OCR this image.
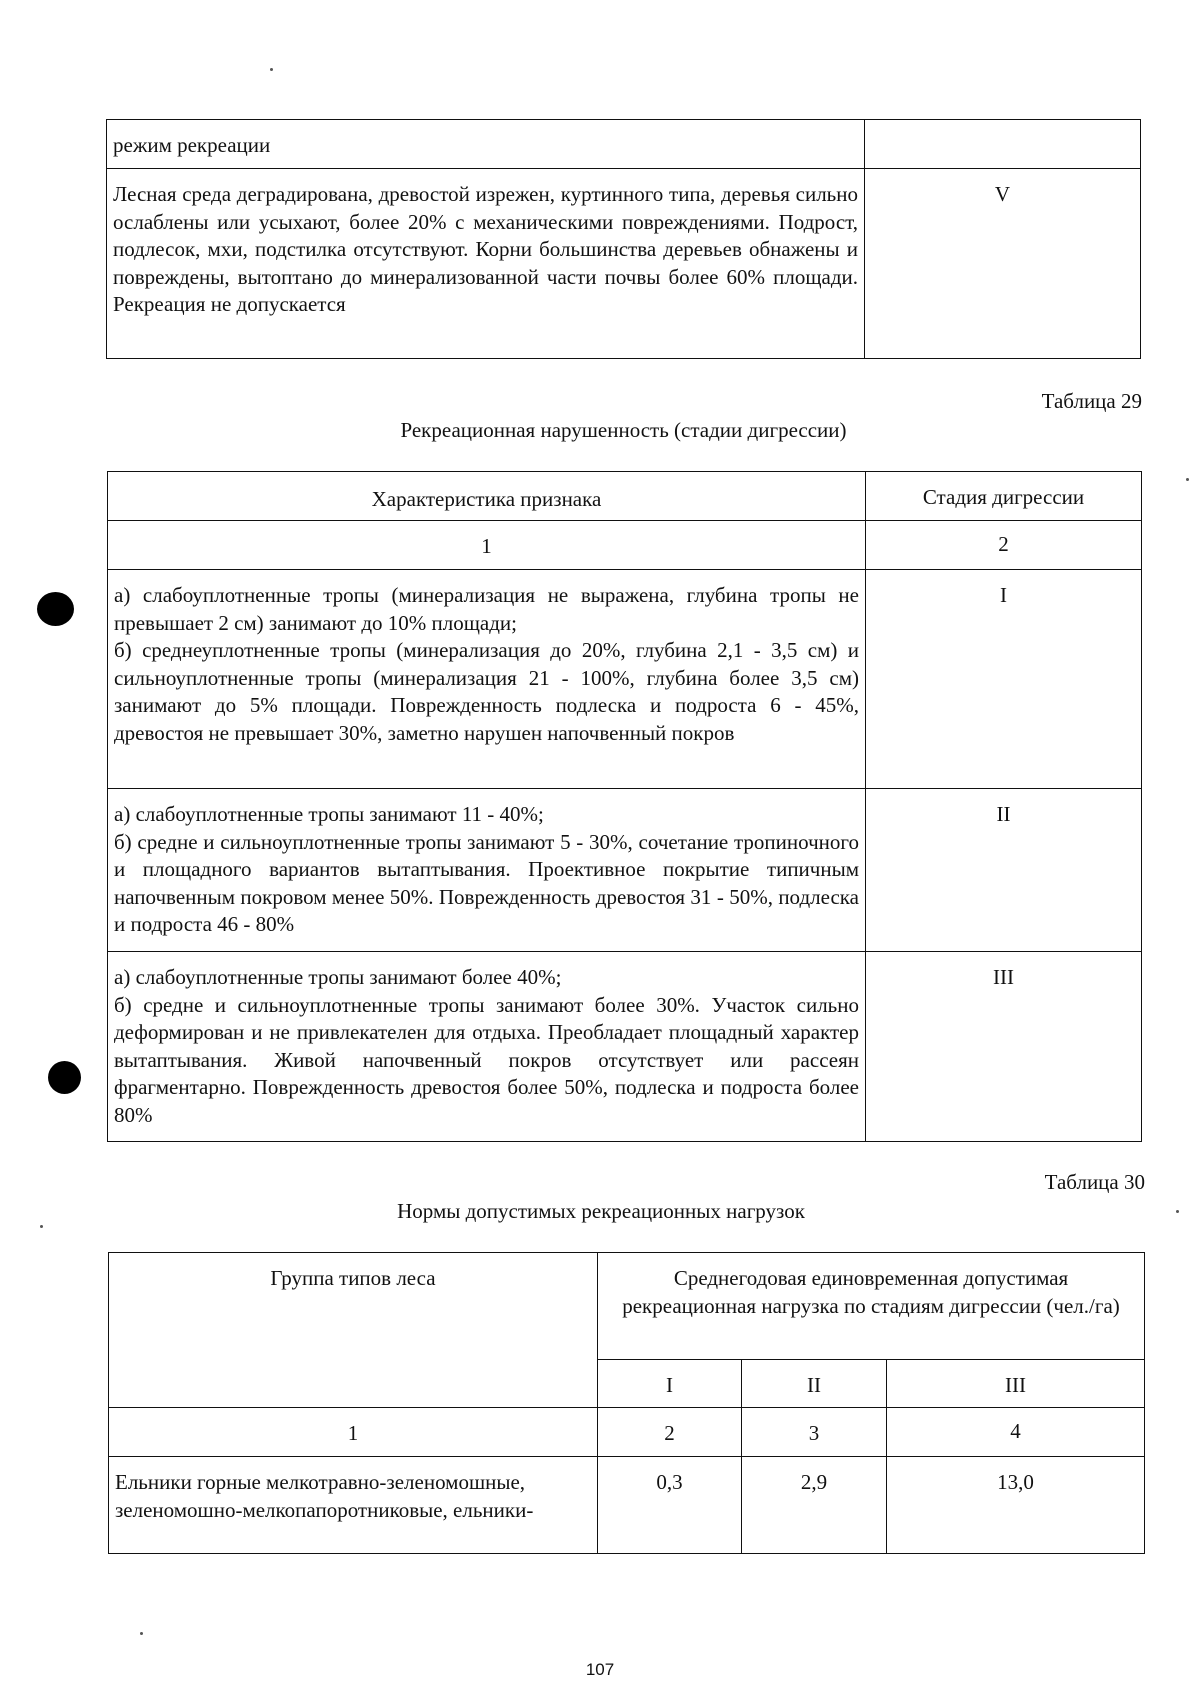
режим рекреации	
Лесная среда деградирована, древостой изрежен, куртинного типа, деревья сильно ослаблены или усыхают, более 20% с механическими повреждениями. Подрост, подлесок, мхи, подстилка отсутствуют. Корни большинства деревьев обнажены и повреждены, вытоптано до минерализованной части почвы более 60% площади. Рекреация не допускается	V
Таблица 29
Рекреационная нарушенность (стадии дигрессии)
Характеристика признака	Стадия дигрессии
1	2

а) слабоуплотненные тропы (минерализация не выражена, глубина тропы не превышает 2 см) занимают до 10% площади;
б) среднеуплотненные тропы (минерализация до 20%, глубина 2,1 - 3,5 см) и сильноуплотненные тропы (минерализация 21 - 100%, глубина более 3,5 см) занимают до 5% площади. Поврежденность подлеска и подроста 6 - 45%, древостоя не превышает 30%, заметно нарушен напочвенный покров	I

а) слабоуплотненные тропы занимают 11 - 40%;
б) средне и сильноуплотненные тропы занимают 5 - 30%, сочетание тропиночного и площадного вариантов вытаптывания. Проективное покрытие типичным напочвенным покровом менее 50%. Поврежденность древостоя 31 - 50%, подлеска и подроста 46 - 80%	II

а) слабоуплотненные тропы занимают более 40%;
б) средне и сильноуплотненные тропы занимают более 30%. Участок сильно деформирован и не привлекателен для отдыха. Преобладает площадный характер вытаптывания. Живой напочвенный покров отсутствует или рассеян фрагментарно. Поврежденность древостоя более 50%, подлеска и подроста более 80%	III
Таблица 30
Нормы допустимых рекреационных нагрузок
Группа типов леса	Среднегодовая единовременная допустимая рекреационная нагрузка по стадиям дигрессии (чел./га)		
	I	II	III
1	2	3	4
Ельники горные мелкотравно-зеленомошные, зеленомошно-мелкопапоротниковые, ельники-	0,3	2,9	13,0
107
